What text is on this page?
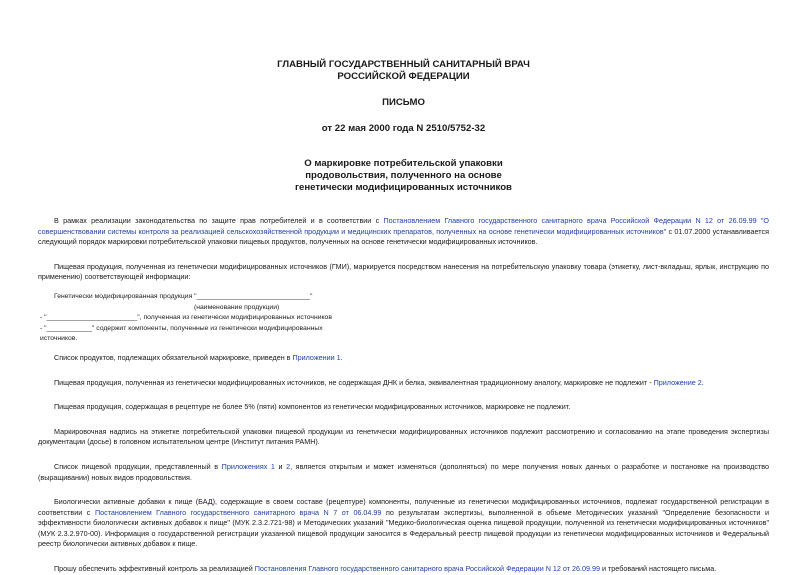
ГЛАВНЫЙ ГОСУДАРСТВЕННЫЙ САНИТАРНЫЙ ВРАЧ
РОССИЙСКОЙ ФЕДЕРАЦИИ
ПИСЬМО
от 22 мая 2000 года N 2510/5752-32
О маркировке потребительской упаковки
продовольствия, полученного на основе
генетически модифицированных источников

В рамках реализации законодательства по защите прав потребителей и в соответствии с Постановлением Главного государственного санитарного врача Российской Федерации N 12 от 26.09.99 "О совершенствовании системы контроля за реализацией сельскохозяйственной продукции и медицинских препаратов, полученных на основе генетически модифицированных источников" с 01.07.2000 устанавливается следующий порядок маркировки потребительской упаковки пищевых продуктов, полученных на основе генетически модифицированных источников.

Пищевая продукция, полученная из генетически модифицированных источников (ГМИ), маркируется посредством нанесения на потребительскую упаковку товара (этикетку, лист-вкладыш, ярлык, инструкцию по применению) соответствующей информации:

Генетически модифицированная продукция "______________________________"
(наименование продукции)
- "________________________", полученная из генетически модифицированных источников
- "____________" содержит компоненты, полученные из генетически модифицированных
источников.

Список продуктов, подлежащих обязательной маркировке, приведен в Приложении 1.

Пищевая продукция, полученная из генетически модифицированных источников, не содержащая ДНК и белка, эквивалентная традиционному аналогу, маркировке не подлежит - Приложение 2.

Пищевая продукция, содержащая в рецептуре не более 5% (пяти) компонентов из генетически модифицированных источников, маркировке не подлежит.

Маркировочная надпись на этикетке потребительской упаковки пищевой продукции из генетически модифицированных источников подлежит рассмотрению и согласованию на этапе проведения экспертизы документации (досье) в головном испытательном центре (Институт питания РАМН).

Список пищевой продукции, представленный в Приложениях 1 и 2, является открытым и может изменяться (дополняться) по мере получения новых данных о разработке и постановке на производство (выращивании) новых видов продовольствия.

Биологически активные добавки к пище (БАД), содержащие в своем составе (рецептуре) компоненты, полученные из генетически модифицированных источников, подлежат государственной регистрации в соответствии с Постановлением Главного государственного санитарного врача N 7 от 06.04.99 по результатам экспертизы, выполненной в объеме Методических указаний "Определение безопасности и эффективности биологически активных добавок к пище" (МУК 2.3.2.721-98) и Методических указаний "Медико-биологическая оценка пищевой продукции, полученной из генетически модифицированных источников" (МУК 2.3.2.970-00). Информация о государственной регистрации указанной пищевой продукции заносится в Федеральный реестр пищевой продукции из генетически модифицированных источников и Федеральный реестр биологически активных добавок к пище.

Прошу обеспечить эффективный контроль за реализацией Постановления Главного государственного санитарного врача Российской Федерации N 12 от 26.09.99 и требований настоящего письма.
